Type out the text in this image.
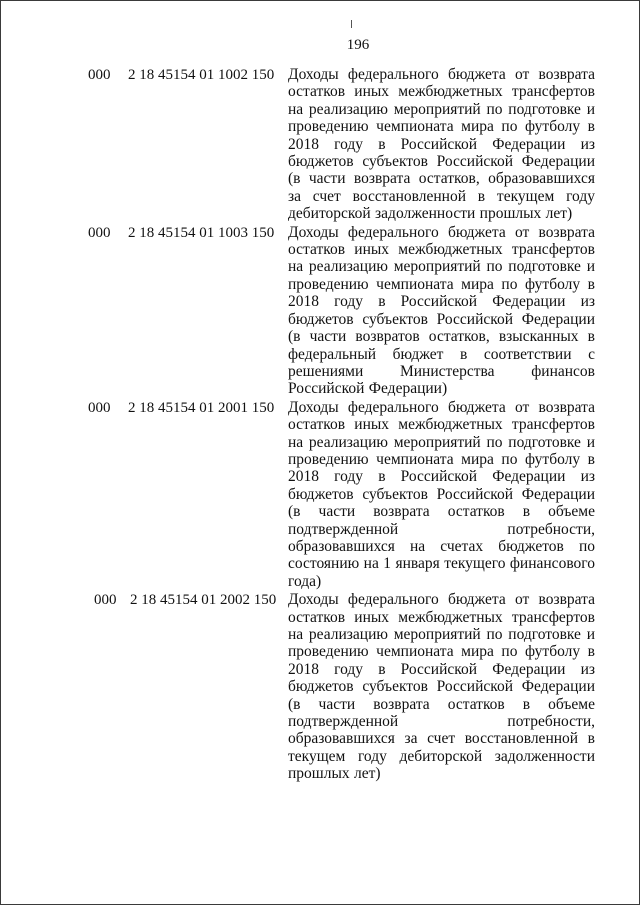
196
000 2 18 45154 01 1002 150 Доходы федерального бюджета от возврата остатков иных межбюджетных трансфертов на реализацию мероприятий по подготовке и проведению чемпионата мира по футболу в 2018 году в Российской Федерации из бюджетов субъектов Российской Федерации (в части возврата остатков, образовавшихся за счет восстановленной в текущем году дебиторской задолженности прошлых лет)
000 2 18 45154 01 1003 150 Доходы федерального бюджета от возврата остатков иных межбюджетных трансфертов на реализацию мероприятий по подготовке и проведению чемпионата мира по футболу в 2018 году в Российской Федерации из бюджетов субъектов Российской Федерации (в части возвратов остатков, взысканных в федеральный бюджет в соответствии с решениями Министерства финансов Российской Федерации)
000 2 18 45154 01 2001 150 Доходы федерального бюджета от возврата остатков иных межбюджетных трансфертов на реализацию мероприятий по подготовке и проведению чемпионата мира по футболу в 2018 году в Российской Федерации из бюджетов субъектов Российской Федерации (в части возврата остатков в объеме подтвержденной потребности, образовавшихся на счетах бюджетов по состоянию на 1 января текущего финансового года)
000 2 18 45154 01 2002 150 Доходы федерального бюджета от возврата остатков иных межбюджетных трансфертов на реализацию мероприятий по подготовке и проведению чемпионата мира по футболу в 2018 году в Российской Федерации из бюджетов субъектов Российской Федерации (в части возврата остатков в объеме подтвержденной потребности, образовавшихся за счет восстановленной в текущем году дебиторской задолженности прошлых лет)
